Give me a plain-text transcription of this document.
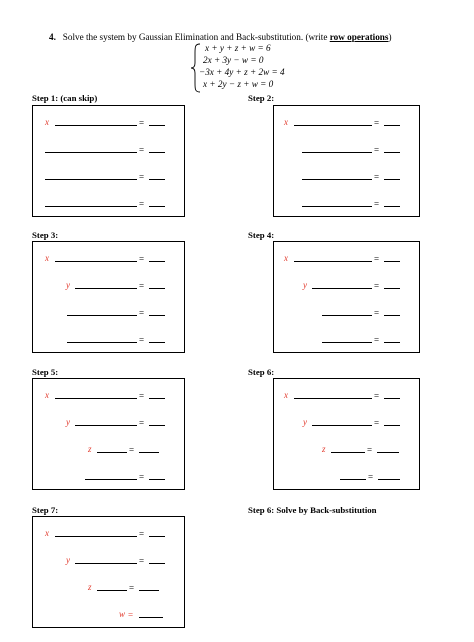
4. Solve the system by Gaussian Elimination and Back-substitution. (write row operations)
x + y + z + w = 6
2x + 3y − w = 0
−3x + 4y + z + 2w = 4
x + 2y − z + w = 0
Step 1: (can skip)	Step 2:
Step 3:	Step 4:
Step 5:	Step 6:
Step 7:	Step 6: Solve by Back-substitution
x	=
=
=
=
x	=
=
=
=
x	=
y	=
=
=
x	=
y	=
=
=
x	=
y	=
z	=
=
x	=
y	=
z	=
=
x	=
y	=
z	=
w =
